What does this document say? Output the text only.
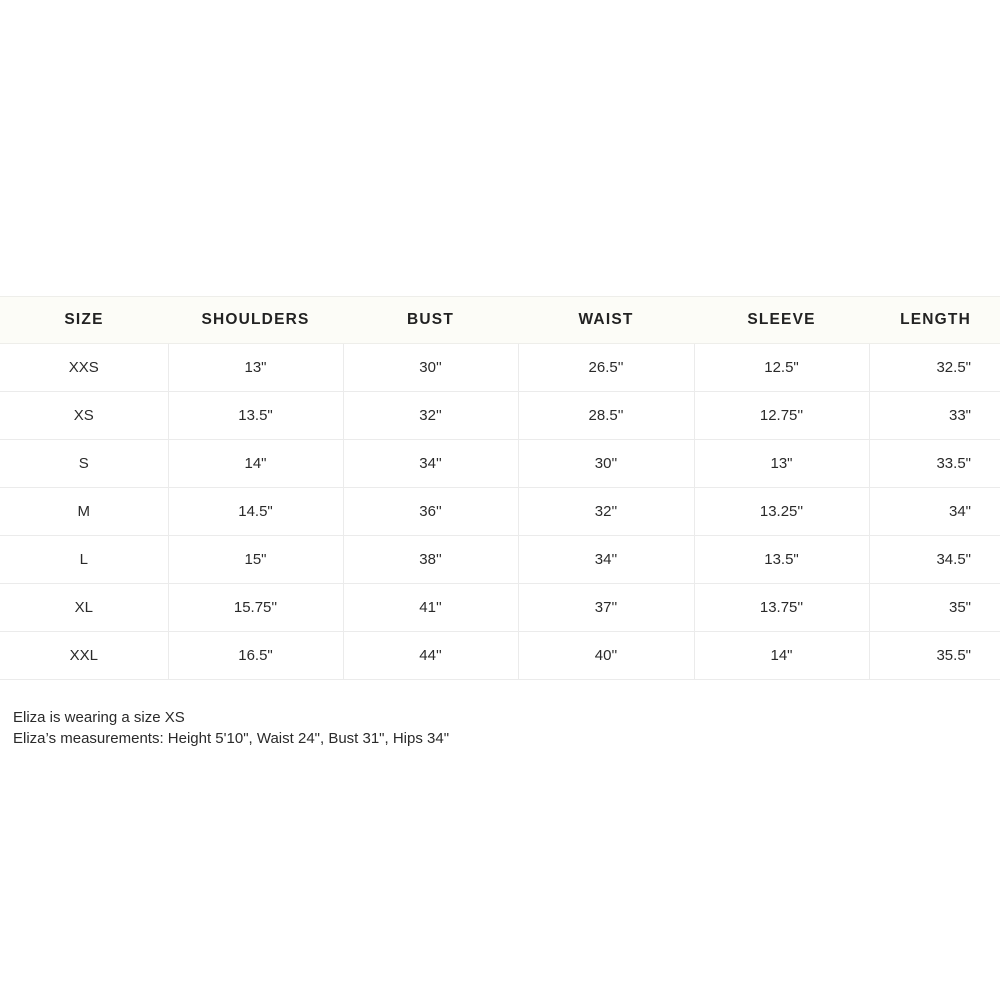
SIZE	SHOULDERS	BUST	WAIST	SLEEVE	LENGTH
XXS	13"	30''	26.5''	12.5"	32.5"
XS	13.5"	32''	28.5''	12.75''	33"
S	14"	34''	30''	13"	33.5"
M	14.5"	36''	32''	13.25''	34"
L	15"	38''	34''	13.5"	34.5"
XL	15.75''	41''	37''	13.75''	35"
XXL	16.5"	44''	40''	14"	35.5"

Eliza is wearing a size XS

Eliza’s measurements: Height 5'10", Waist 24", Bust 31", Hips 34"
